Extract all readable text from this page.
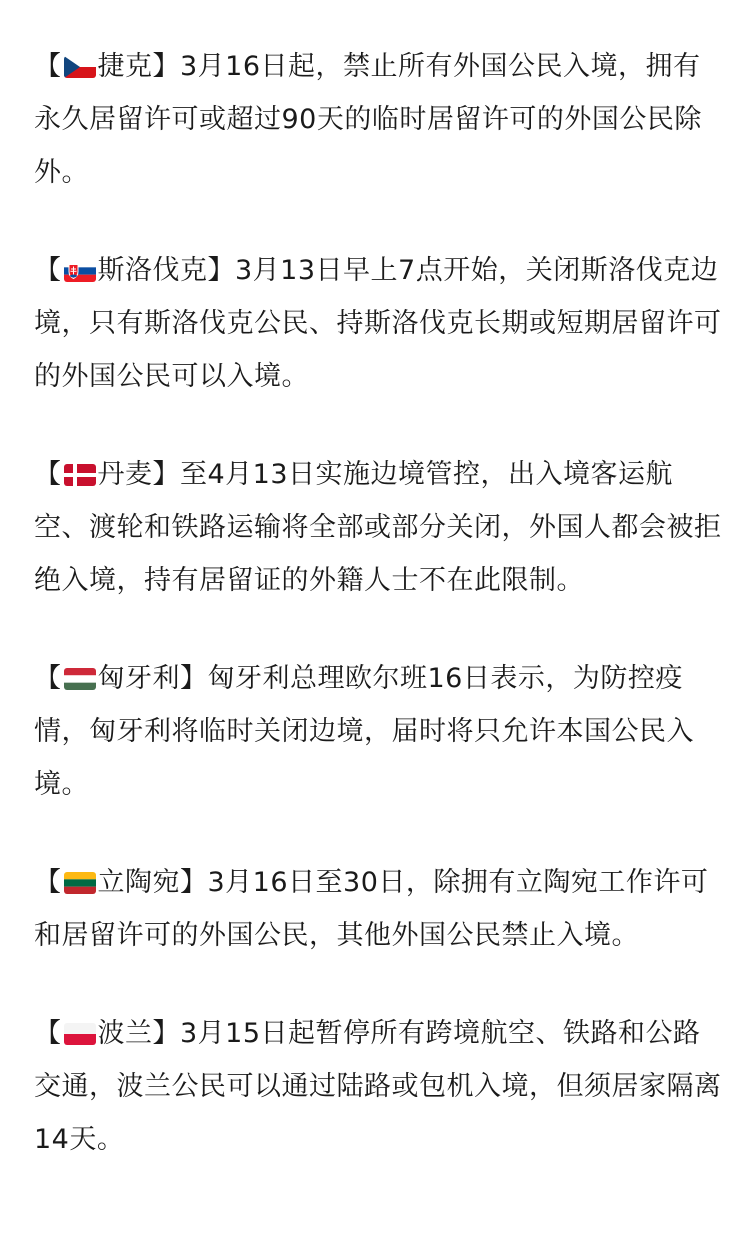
【 捷克】3月16日起，禁止所有外国公民入境，拥有永久居留许可或超过90天的临时居留许可的外国公民除外。

【 斯洛伐克】3月13日早上7点开始，关闭斯洛伐克边境，只有斯洛伐克公民、持斯洛伐克长期或短期居留许可的外国公民可以入境。

【 丹麦】至4月13日实施边境管控，出入境客运航空、渡轮和铁路运输将全部或部分关闭，外国人都会被拒绝入境，持有居留证的外籍人士不在此限制。

【 匈牙利】匈牙利总理欧尔班16日表示，为防控疫情，匈牙利将临时关闭边境，届时将只允许本国公民入境。

【 立陶宛】3月16日至30日，除拥有立陶宛工作许可和居留许可的外国公民，其他外国公民禁止入境。

【 波兰】3月15日起暂停所有跨境航空、铁路和公路交通，波兰公民可以通过陆路或包机入境，但须居家隔离14天。
